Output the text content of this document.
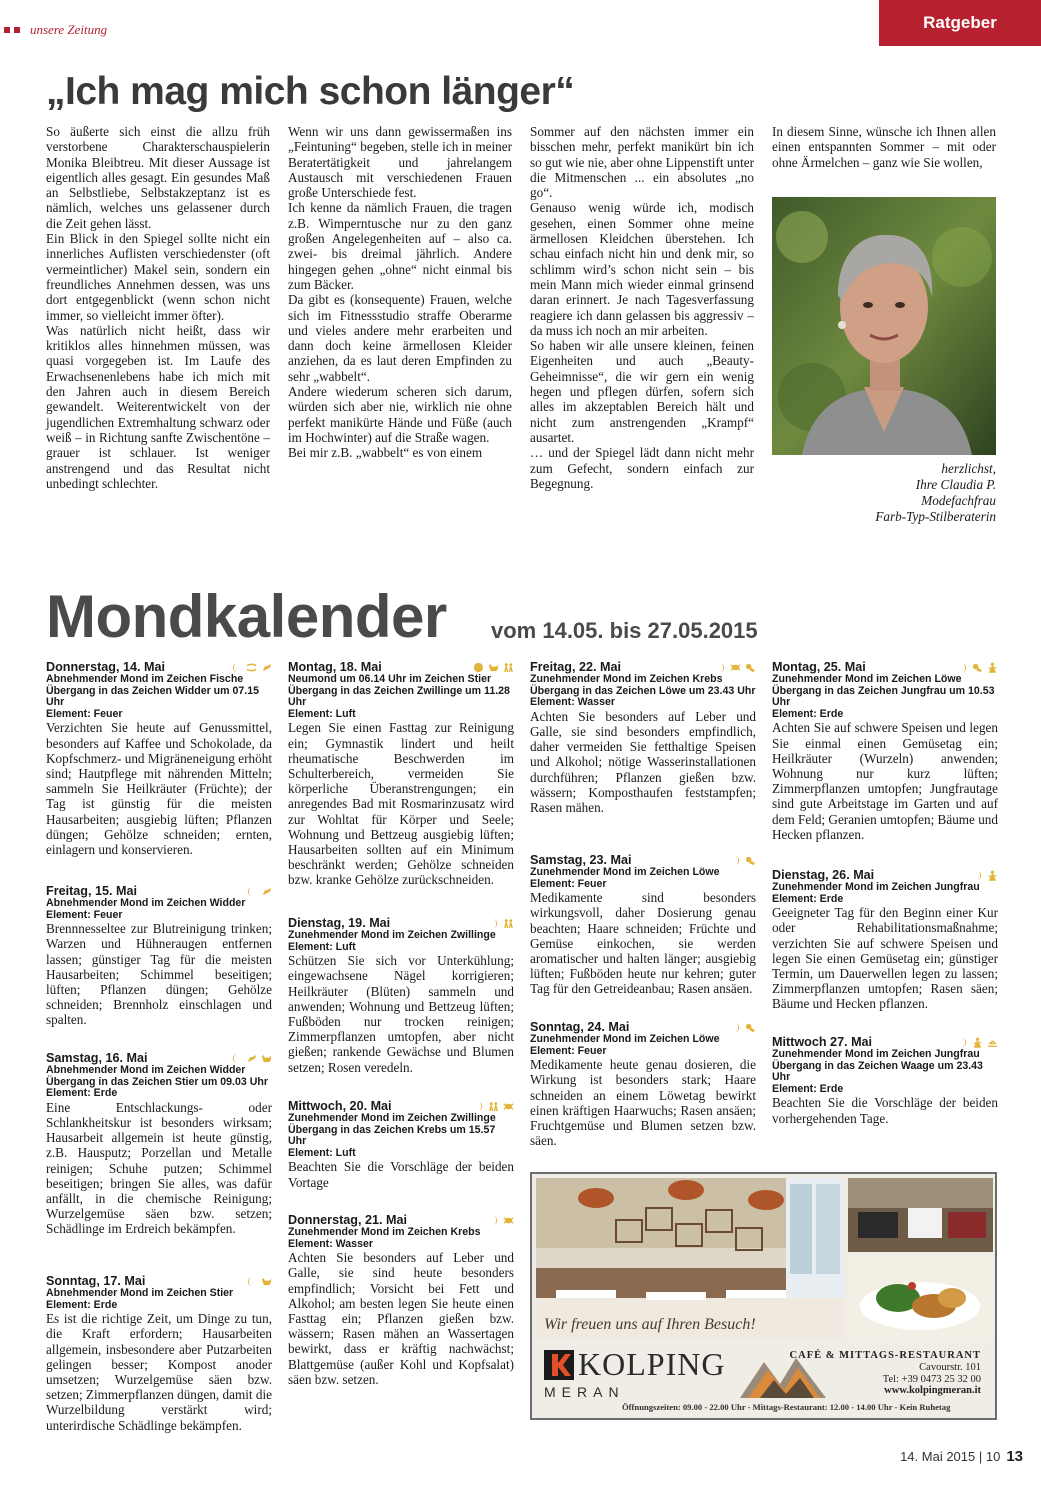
unsere Zeitung	Ratgeber
„Ich mag mich schon länger“

So äußerte sich einst die allzu früh verstorbene Charakterschauspielerin Monika Bleibtreu. Mit dieser Aussage ist eigentlich alles gesagt. Ein gesundes Maß an Selbstliebe, Selbstakzeptanz ist es nämlich, welches uns gelassener durch die Zeit gehen lässt.

Ein Blick in den Spiegel sollte nicht ein innerliches Auflisten verschiedenster (oft vermeintlicher) Makel sein, sondern ein freundliches Annehmen dessen, was uns dort entgegenblickt (wenn schon nicht immer, so vielleicht immer öfter).

Was natürlich nicht heißt, dass wir kritiklos alles hinnehmen müssen, was quasi vorgegeben ist. Im Laufe des Erwachsenenlebens habe ich mich mit den Jahren auch in diesem Bereich gewandelt. Weiterentwickelt von der jugendlichen Extremhaltung schwarz oder weiß – in Richtung sanfte Zwischentöne – grauer ist schlauer. Ist weniger anstrengend und das Resultat nicht unbedingt schlechter.

Wenn wir uns dann gewissermaßen ins „Feintuning“ begeben, stelle ich in meiner Beratertätigkeit und jahrelangem Austausch mit verschiedenen Frauen große Unterschiede fest.

Ich kenne da nämlich Frauen, die tragen z.B. Wimperntusche nur zu den ganz großen Angelegenheiten auf – also ca. zwei- bis dreimal jährlich. Andere hingegen gehen „ohne“ nicht einmal bis zum Bäcker.

Da gibt es (konsequente) Frauen, welche sich im Fitnessstudio straffe Oberarme und vieles andere mehr erarbeiten und dann doch keine ärmellosen Kleider anziehen, da es laut deren Empfinden zu sehr „wabbelt“.

Andere wiederum scheren sich darum, würden sich aber nie, wirklich nie ohne perfekt manikürte Hände und Füße (auch im Hochwinter) auf die Straße wagen.

Bei mir z.B. „wabbelt“ es von einem

Sommer auf den nächsten immer ein bisschen mehr, perfekt manikürt bin ich so gut wie nie, aber ohne Lippenstift unter die Mitmenschen ... ein absolutes „no go“.

Genauso wenig würde ich, modisch gesehen, einen Sommer ohne meine ärmellosen Kleidchen überstehen. Ich schau einfach nicht hin und denk mir, so schlimm wird’s schon nicht sein – bis mein Mann mich wieder einmal grinsend daran erinnert. Je nach Tagesverfassung reagiere ich dann gelassen bis aggressiv – da muss ich noch an mir arbeiten.

So haben wir alle unsere kleinen, feinen Eigenheiten und auch „Beauty-Geheimnisse“, die wir gern ein wenig hegen und pflegen dürfen, sofern sich alles im akzeptablen Bereich hält und nicht zum anstrengenden „Krampf“ ausartet.

… und der Spiegel lädt dann nicht mehr zum Gefecht, sondern einfach zur Begegnung.

In diesem Sinne, wünsche ich Ihnen allen einen entspannten Sommer – mit oder ohne Ärmelchen – ganz wie Sie wollen,

herzlichst,
Ihre Claudia P.
Modefachfrau
Farb-Typ-Stilberaterin
Mondkalender vom 14.05. bis 27.05.2015
Donnerstag, 14. Mai
Abnehmender Mond im Zeichen Fische
Übergang in das Zeichen Widder um 07.15 Uhr
Element: Feuer
Verzichten Sie heute auf Genussmittel, besonders auf Kaffee und Schokolade, da Kopfschmerz- und Migräneneigung erhöht sind; Hautpflege mit nährenden Mitteln; sammeln Sie Heilkräuter (Früchte); der Tag ist günstig für die meisten Hausarbeiten; ausgiebig lüften; Pflanzen düngen; Gehölze schneiden; ernten, einlagern und konservieren.
Freitag, 15. Mai
Abnehmender Mond im Zeichen Widder
Element: Feuer
Brennnesseltee zur Blutreinigung trinken; Warzen und Hühneraugen entfernen lassen; günstiger Tag für die meisten Hausarbeiten; Schimmel beseitigen; lüften; Pflanzen düngen; Gehölze schneiden; Brennholz einschlagen und spalten.
Samstag, 16. Mai
Abnehmender Mond im Zeichen Widder
Übergang in das Zeichen Stier um 09.03 Uhr
Element: Erde
Eine Entschlackungs- oder Schlankheitskur ist besonders wirksam; Hausarbeit allgemein ist heute günstig, z.B. Hausputz; Porzellan und Metalle reinigen; Schuhe putzen; Schimmel beseitigen; bringen Sie alles, was dafür anfällt, in die chemische Reinigung; Wurzelgemüse säen bzw. setzen; Schädlinge im Erdreich bekämpfen.
Sonntag, 17. Mai
Abnehmender Mond im Zeichen Stier
Element: Erde
Es ist die richtige Zeit, um Dinge zu tun, die Kraft erfordern; Hausarbeiten allgemein, insbesondere aber Putzarbeiten gelingen besser; Kompost anoder umsetzen; Wurzelgemüse säen bzw. setzen; Zimmerpflanzen düngen, damit die Wurzelbildung verstärkt wird; unterirdische Schädlinge bekämpfen.
Montag, 18. Mai
Neumond um 06.14 Uhr im Zeichen Stier
Übergang in das Zeichen Zwillinge um 11.28 Uhr
Element: Luft
Legen Sie einen Fasttag zur Reinigung ein; Gymnastik lindert und heilt rheumatische Beschwerden im Schulterbereich, vermeiden Sie körperliche Überanstrengungen; ein anregendes Bad mit Rosmarinzusatz wird zur Wohltat für Körper und Seele; Wohnung und Bettzeug ausgiebig lüften; Hausarbeiten sollten auf ein Minimum beschränkt werden; Gehölze schneiden bzw. kranke Gehölze zurückschneiden.
Dienstag, 19. Mai
Zunehmender Mond im Zeichen Zwillinge
Element: Luft
Schützen Sie sich vor Unterkühlung; eingewachsene Nägel korrigieren; Heilkräuter (Blüten) sammeln und anwenden; Wohnung und Bettzeug lüften; Fußböden nur trocken reinigen; Zimmerpflanzen umtopfen, aber nicht gießen; rankende Gewächse und Blumen setzen; Rosen veredeln.
Mittwoch, 20. Mai
Zunehmender Mond im Zeichen Zwillinge
Übergang in das Zeichen Krebs um 15.57 Uhr
Element: Luft
Beachten Sie die Vorschläge der beiden Vortage
Donnerstag, 21. Mai
Zunehmender Mond im Zeichen Krebs
Element: Wasser
Achten Sie besonders auf Leber und Galle, sie sind heute besonders empfindlich; Vorsicht bei Fett und Alkohol; am besten legen Sie heute einen Fasttag ein; Pflanzen gießen bzw. wässern; Rasen mähen an Wassertagen bewirkt, dass er kräftig nachwächst; Blattgemüse (außer Kohl und Kopfsalat) säen bzw. setzen.
Freitag, 22. Mai
Zunehmender Mond im Zeichen Krebs
Übergang in das Zeichen Löwe um 23.43 Uhr
Element: Wasser
Achten Sie besonders auf Leber und Galle, sie sind besonders empfindlich, daher vermeiden Sie fetthaltige Speisen und Alkohol; nötige Wasserinstallationen durchführen; Pflanzen gießen bzw. wässern; Komposthaufen feststampfen; Rasen mähen.
Samstag, 23. Mai
Zunehmender Mond im Zeichen Löwe
Element: Feuer
Medikamente sind besonders wirkungsvoll, daher Dosierung genau beachten; Haare schneiden; Früchte und Gemüse einkochen, sie werden aromatischer und halten länger; ausgiebig lüften; Fußböden heute nur kehren; guter Tag für den Getreideanbau; Rasen ansäen.
Sonntag, 24. Mai
Zunehmender Mond im Zeichen Löwe
Element: Feuer
Medikamente heute genau dosieren, die Wirkung ist besonders stark; Haare schneiden an einem Löwetag bewirkt einen kräftigen Haarwuchs; Rasen ansäen; Fruchtgemüse und Blumen setzen bzw. säen.
Montag, 25. Mai
Zunehmender Mond im Zeichen Löwe
Übergang in das Zeichen Jungfrau um 10.53 Uhr
Element: Erde
Achten Sie auf schwere Speisen und legen Sie einmal einen Gemüsetag ein; Heilkräuter (Wurzeln) anwenden; Wohnung nur kurz lüften; Zimmerpflanzen umtopfen; Jungfrautage sind gute Arbeitstage im Garten und auf dem Feld; Geranien umtopfen; Bäume und Hecken pflanzen.
Dienstag, 26. Mai
Zunehmender Mond im Zeichen Jungfrau
Element: Erde
Geeigneter Tag für den Beginn einer Kur oder Rehabilitationsmaßnahme; verzichten Sie auf schwere Speisen und legen Sie einen Gemüsetag ein; günstiger Termin, um Dauerwellen legen zu lassen; Zimmerpflanzen umtopfen; Rasen säen; Bäume und Hecken pflanzen.
Mittwoch 27. Mai
Zunehmender Mond im Zeichen Jungfrau
Übergang in das Zeichen Waage um 23.43 Uhr
Element: Erde
Beachten Sie die Vorschläge der beiden vorhergehenden Tage.
Wir freuen uns auf Ihren Besuch!
KOLPING
MERAN
CAFÉ & MITTAGS-RESTAURANT
Cavourstr. 101
Tel: +39 0473 25 32 00
www.kolpingmeran.it
Öffnungszeiten: 09.00 - 22.00 Uhr - Mittags-Restaurant: 12.00 - 14.00 Uhr - Kein Ruhetag
14. Mai 2015 | 10 13
